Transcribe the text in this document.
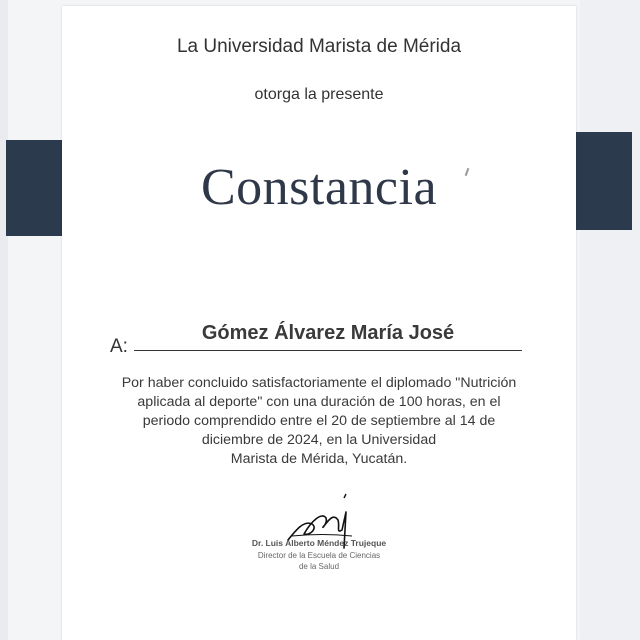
La Universidad Marista de Mérida
otorga la presente
Constancia
A:
Gómez Álvarez María José
Por haber concluido satisfactoriamente el diplomado "Nutrición
aplicada al deporte" con una duración de 100 horas, en el
periodo comprendido entre el 20 de septiembre al 14 de
diciembre de 2024, en la Universidad
Marista de Mérida, Yucatán.
Dr. Luis Alberto Méndez Trujeque
Director de la Escuela de Ciencias
de la Salud
